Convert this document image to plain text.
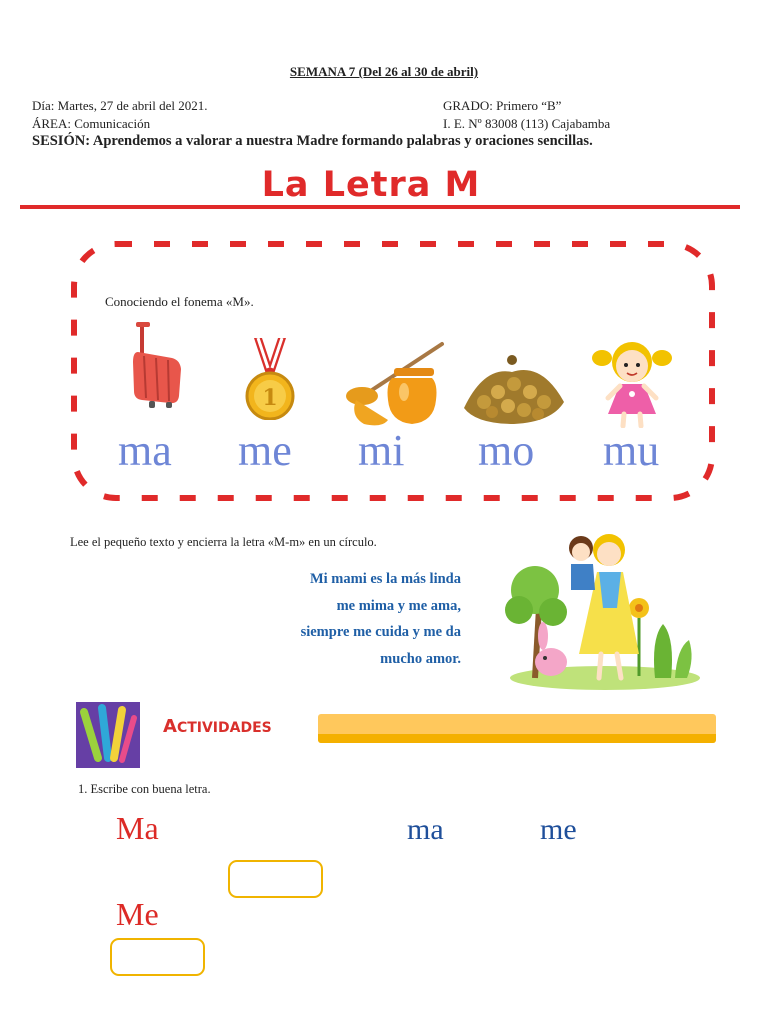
SEMANA 7 (Del 26 al 30 de abril)
Día: Martes, 27 de abril del 2021.	GRADO: Primero “B”
ÁREA: Comunicación	I. E. Nº 83008 (113) Cajabamba
SESIÓN: Aprendemos a valorar a nuestra Madre formando palabras y oraciones sencillas.
La Letra M
Conociendo el fonema «M».
1
ma me mi mo mu
Lee el pequeño texto y encierra la letra «M-m» en un círculo.
Mi mami es la más linda
me mima y me ama,
siempre me cuida y me da
mucho amor.
ACTIVIDADES
1. Escribe con buena letra.
Ma	ma	me
Me
